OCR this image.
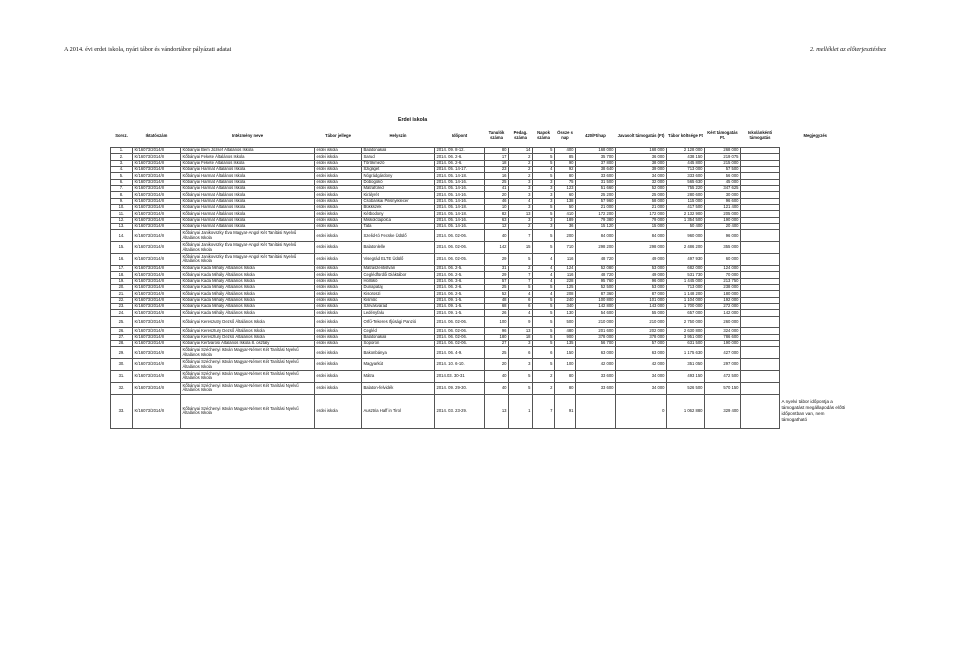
A 2014. évi erdei iskola, nyári tábor és vándortábor pályázati adatai	2. melléklet az előterjesztéshez
Erdei iskola
Sorsz.	Iktatószám	Intézmény neve	Tábor jellege	Helyszín	Időpont	Tanulók száma	Pedag. száma	Napok száma	Össze s nap	420/Ft/nap	Javasolt támogatás (Ft)	Tábor költsége Ft	Kért támogatás Ft.	Iskolánkénti támogatás	Megjegyzés
1.	K/16073/2014/II	Kőbányai Bem József Általános Iskola	erdei iskola	Balatonakali	2014. 09. 8-12.	80	14	5	400	168 000	168 000	2 128 000	268 000		
2.	K/16073/2014/II	Kőbányai Fekete Általános Iskola	erdei iskola	Sarud	2014. 06. 2-6.	17	2	5	85	35 700	36 000	438 150	219 075		
3.	K/16073/2014/II	Kőbányai Fekete Általános Iskola	erdei iskola	Törökmező	2014. 06. 2-6.	18	2	5	90	37 800	38 000	445 800	215 000		
4.	K/16073/2014/II	Kőbányai Harmat Általános Iskola	erdei iskola	Szigliget	2014. 05. 14-17.	23	2	4	92	38 640	39 000	713 000	57 500		
5.	K/16073/2014/II	Kőbányai Harmat Általános Iskola	erdei iskola	Nógrádgárdony	2014. 05. 14-18.	16	2	5	80	33 600	34 000	333 600	56 000		
6.	K/16073/2014/II	Kőbányai Harmat Általános Iskola	erdei iskola	Dobogókő	2014. 05. 14-16.	25	3	3	75	31 500	32 000	565 630	45 000		
7.	K/16073/2014/II	Kőbányai Harmat Általános Iskola	erdei iskola	Mátrafüred	2014. 05. 14-16.	41	3	3	123	51 660	52 000	755 220	347 625		
8.	K/16073/2014/II	Kőbányai Harmat Általános Iskola	erdei iskola	Királyrét	2014. 05. 14-16.	20	3	3	60	25 200	25 000	280 600	30 000		
9.	K/16073/2014/II	Kőbányai Harmat Általános Iskola	erdei iskola	Csobánkai Pilisnyiklecer	2014. 05. 14-16.	46	4	3	138	57 960	58 000	115 000	96 600		
10.	K/16073/2014/II	Kőbányai Harmat Általános Iskola	erdei iskola	Bükkszék	2014. 05. 14-18.	10	3	5	50	21 000	21 000	417 500	121 400		
11.	K/16073/2014/II	Kőbányai Harmat Általános Iskola	erdei iskola	Kétbodony	2014. 05. 14-18.	82	13	5	410	172 200	172 000	2 132 900	205 000		
12.	K/16073/2014/II	Kőbányai Harmat Általános Iskola	erdei iskola	Miskolctapolca	2014. 05. 14-16.	63	3	3	189	79 380	79 000	1 354 500	190 000		
13.	K/16073/2014/II	Kőbányai Harmat Általános Iskola	erdei iskola	Tata	2014. 05. 14-16.	12	2	3	36	15 120	15 000	50 400	20 400		
14.	K/16073/2014/II	Kőbányai Janikovszky Éva Magyar-Angol Két Tanítási Nyelvű Általános Iskola	erdei iskola	Szelid-tó Fecske Üdülő	2014. 06. 02-06.	40	7	5	200	84 000	84 000	960 000	96 000		
15.	K/16073/2014/II	Kőbányai Janikovszky Éva Magyar-Angol Két Tanítási Nyelvű Általános Iskola	erdei iskola	Balatonlelle	2014. 06. 02-06.	142	15	5	710	298 200	298 000	2 486 200	355 000		
16.	K/16073/2014/II	Kőbányai Janikovszky Éva Magyar-Angol Két Tanítási Nyelvű Általános Iskola	erdei iskola	Visegrád ELTE Üdülő	2014. 06. 02-05.	29	5	4	116	48 720	49 000	497 930	60 000		
17.	K/16073/2014/II	Kőbányai Kada Mihály Általános Iskola	erdei iskola	Mátraszentistván	2014. 06. 2-5.	31	2	4	124	52 080	53 000	682 000	124 000		
18.	K/16073/2014/II	Kőbányai Kada Mihály Általános Iskola	erdei iskola	Ceglédfürdői Diáktábor	2014. 06. 2-5.	29	7	4	116	48 720	49 000	531 730	70 000		
19.	K/16073/2014/II	Kőbányai Kada Mihály Általános Iskola	erdei iskola	Hollókő	2014. 06. 3-6.	57	7	4	228	95 760	96 000	1 445 000	213 750		
20.	K/16073/2014/II	Kőbányai Kada Mihály Általános Iskola	erdei iskola	Dunapataj	2014. 06. 2-6.	25	5	5	125	52 500	53 000	713 000	238 000		
21.	K/16073/2014/II	Kőbányai Kada Mihály Általános Iskola	erdei iskola	Kisoroszi	2014. 06. 2-5.	52	4	4	208	87 360	87 000	1 148 200	180 000		
22.	K/16073/2014/II	Kőbányai Kada Mihály Általános Iskola	erdei iskola	Kismőc	2014. 09. 1-5.	48	6	5	240	100 800	101 000	1 104 000	192 000		
23.	K/16073/2014/II	Kőbányai Kada Mihály Általános Iskola	erdei iskola	Szilvásvárad	2014. 09. 1-5.	68	6	5	340	142 800	143 000	1 700 000	272 000		
24.	K/16073/2014/II	Kőbányai Kada Mihály Általános Iskola	erdei iskola	Ledényfalu	2014. 09. 1-5.	26	4	5	130	54 600	55 000	657 000	142 000		
25.	K/16073/2014/II	Kőbányai Kereszutry Dezső Általános Iskola	erdei iskola	Orfű-Tekeres Ifjúsági Panzió	2014. 06. 02-06.	100	9	5	500	210 000	210 000	2 750 000	260 000		
26.	K/16073/2014/II	Kőbányai Keresztury Dezső Általános Iskola	erdei iskola	Cegléd	2014. 06. 02-06.	96	13	5	480	201 600	202 000	2 630 800	324 000		
27.	K/16073/2014/II	Kőbányai Keresztury Dezső Általános Iskola	erdei iskola	Balatonakali	2014. 06. 02-06.	180	18	5	900	378 000	378 000	3 951 000	786 600		
28.	K/16073/2014/II	Kőbányai Kertvárosi Általános Iskola 8. osztály	erdei iskola	Soporon	2014. 06. 02-06.	27	3	5	135	56 700	57 000	631 500	190 000		
29.	K/16073/2014/II	Kőbányai Széchenyi István Magyar-Német Két Tanítási Nyelvű Általános Iskola	erdei iskola	Bakonbánya	2014. 06. 4-9.	25	6	6	150	63 000	63 000	1 175 630	427 000		
30.	K/16073/2014/II	Kőbányai Széchenyi István Magyar-Német Két Tanítási Nyelvű Általános Iskola	erdei iskola	Magyarkút	2014. 10. 6-10.	20	3	5	100	42 000	42 000	351 050	297 000		
31.	K/16073/2014/II	Kőbányai Széchenyi István Magyar-Német Két Tanítási Nyelvű Általános Iskola	erdei iskola	Mátra	2014.03. 30-31	40	5	2	80	33 600	34 000	493 150	472 500		
32.	K/16073/2014/II	Kőbányai Széchenyi István Magyar-Német Két Tanítási Nyelvű Általános Iskola	erdei iskola	Balaton-felvidék	2014. 09. 29-30.	40	5	2	80	33 600	34 000	526 500	570 150		
33.	K/16073/2014/II	Kőbányai Széchenyi István Magyar-Német Két Tanítási Nyelvű Általános Iskola	erdei iskola	Ausztria Haff in Tirol	2014. 03. 23-29.	13	1	7	91		0	1 062 880	329 400		A nyelvi tábor időpontja a támogatást megállapodás előtti időpontban van, nem támogatható
